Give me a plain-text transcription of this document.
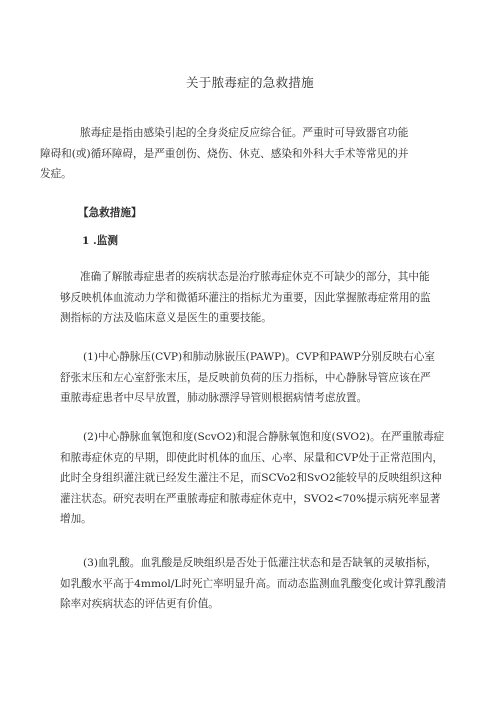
关于脓毒症的急救措施

脓毒症是指由感染引起的全身炎症反应综合征。严重时可导致器官功能
障碍和(或)循环障碍，是严重创伤、烧伤、休克、感染和外科大手术等常见的并
发症。

【急救措施】

1 .监测

准确了解脓毒症患者的疾病状态是治疗脓毒症休克不可缺少的部分，其中能
够反映机体血流动力学和微循环灌注的指标尤为重要，因此掌握脓毒症常用的监
测指标的方法及临床意义是医生的重要技能。

(1)中心静脉压(CVP)和肺动脉嵌压(PAWP)。CVP和PAWP分别反映右心室
舒张末压和左心室舒张末压，是反映前负荷的压力指标，中心静脉导管应该在严
重脓毒症患者中尽早放置，肺动脉漂浮导管则根据病情考虑放置。

(2)中心静脉血氧饱和度(ScvO2)和混合静脉氧饱和度(SVO2)。在严重脓毒症
和脓毒症休克的早期，即使此时机体的血压、心率、尿量和CVP处于正常范围内，
此时全身组织灌注就已经发生灌注不足，而SCVo2和SvO2能较早的反映组织这种
灌注状态。研究表明在严重脓毒症和脓毒症休克中，SVO2<70%提示病死率显著
增加。

(3)血乳酸。血乳酸是反映组织是否处于低灌注状态和是否缺氧的灵敏指标，
如乳酸水平高于4mmol/L时死亡率明显升高。而动态监测血乳酸变化或计算乳酸清
除率对疾病状态的评估更有价值。
